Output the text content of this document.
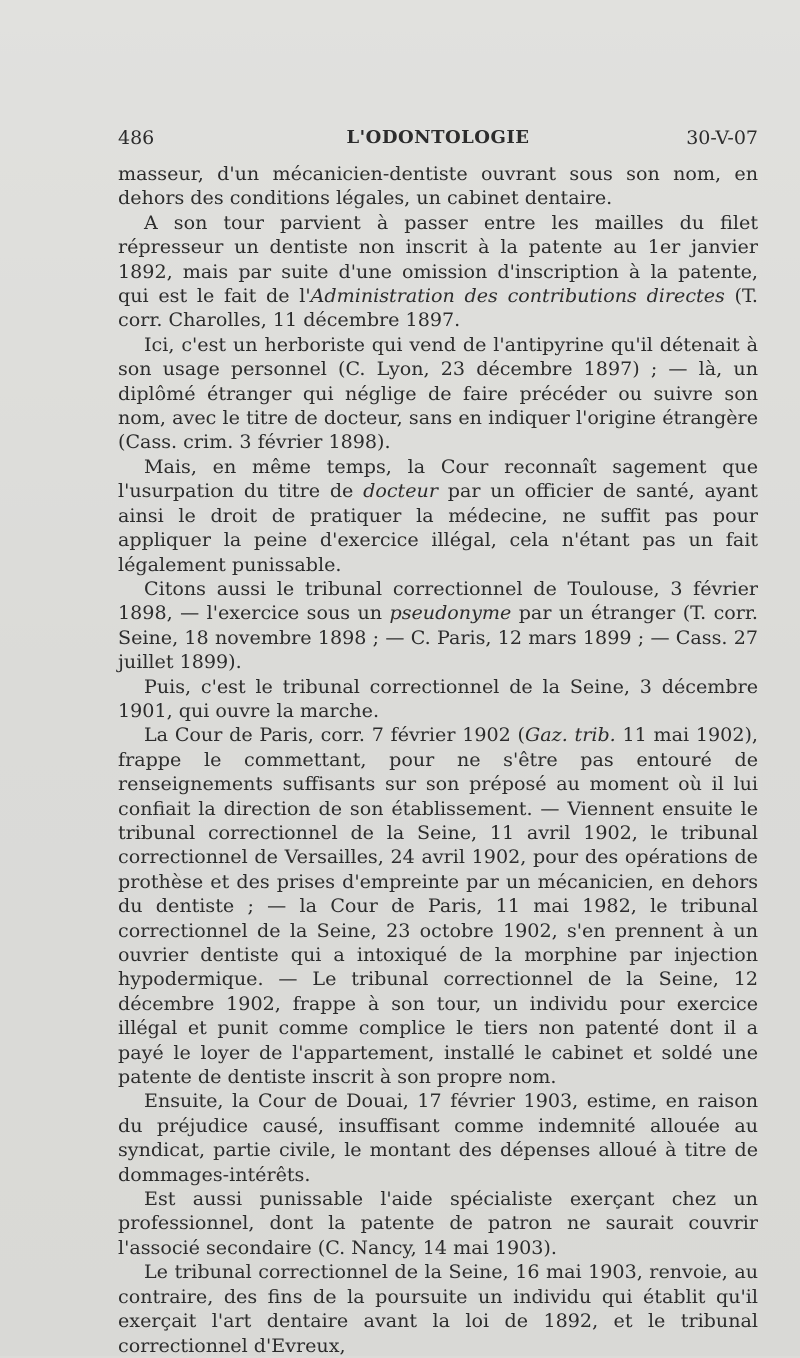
486	L'ODONTOLOGIE	30-V-07

masseur, d'un mécanicien-dentiste ouvrant sous son nom, en dehors des conditions légales, un cabinet dentaire.

A son tour parvient à passer entre les mailles du filet répresseur un dentiste non inscrit à la patente au 1er janvier 1892, mais par suite d'une omission d'inscription à la patente, qui est le fait de l'Administration des contributions directes (T. corr. Charolles, 11 décembre 1897.

Ici, c'est un herboriste qui vend de l'antipyrine qu'il détenait à son usage personnel (C. Lyon, 23 décembre 1897) ; — là, un diplômé étranger qui néglige de faire précéder ou suivre son nom, avec le titre de docteur, sans en indiquer l'origine étrangère (Cass. crim. 3 février 1898).

Mais, en même temps, la Cour reconnaît sagement que l'usurpation du titre de docteur par un officier de santé, ayant ainsi le droit de pratiquer la médecine, ne suffit pas pour appliquer la peine d'exercice illégal, cela n'étant pas un fait légalement punissable.

Citons aussi le tribunal correctionnel de Toulouse, 3 février 1898, — l'exercice sous un pseudonyme par un étranger (T. corr. Seine, 18 novembre 1898 ; — C. Paris, 12 mars 1899 ; — Cass. 27 juillet 1899).

Puis, c'est le tribunal correctionnel de la Seine, 3 décembre 1901, qui ouvre la marche.

La Cour de Paris, corr. 7 février 1902 (Gaz. trib. 11 mai 1902), frappe le commettant, pour ne s'être pas entouré de renseignements suffisants sur son préposé au moment où il lui confiait la direction de son établissement. — Viennent ensuite le tribunal correctionnel de la Seine, 11 avril 1902, le tribunal correctionnel de Versailles, 24 avril 1902, pour des opérations de prothèse et des prises d'empreinte par un mécanicien, en dehors du dentiste ; — la Cour de Paris, 11 mai 1982, le tribunal correctionnel de la Seine, 23 octobre 1902, s'en prennent à un ouvrier dentiste qui a intoxiqué de la morphine par injection hypodermique. — Le tribunal correctionnel de la Seine, 12 décembre 1902, frappe à son tour, un individu pour exercice illégal et punit comme complice le tiers non patenté dont il a payé le loyer de l'appartement, installé le cabinet et soldé une patente de dentiste inscrit à son propre nom.

Ensuite, la Cour de Douai, 17 février 1903, estime, en raison du préjudice causé, insuffisant comme indemnité allouée au syndicat, partie civile, le montant des dépenses alloué à titre de dommages-intérêts.

Est aussi punissable l'aide spécialiste exerçant chez un professionnel, dont la patente de patron ne saurait couvrir l'associé secondaire (C. Nancy, 14 mai 1903).

Le tribunal correctionnel de la Seine, 16 mai 1903, renvoie, au contraire, des fins de la poursuite un individu qui établit qu'il exerçait l'art dentaire avant la loi de 1892, et le tribunal correctionnel d'Evreux,
